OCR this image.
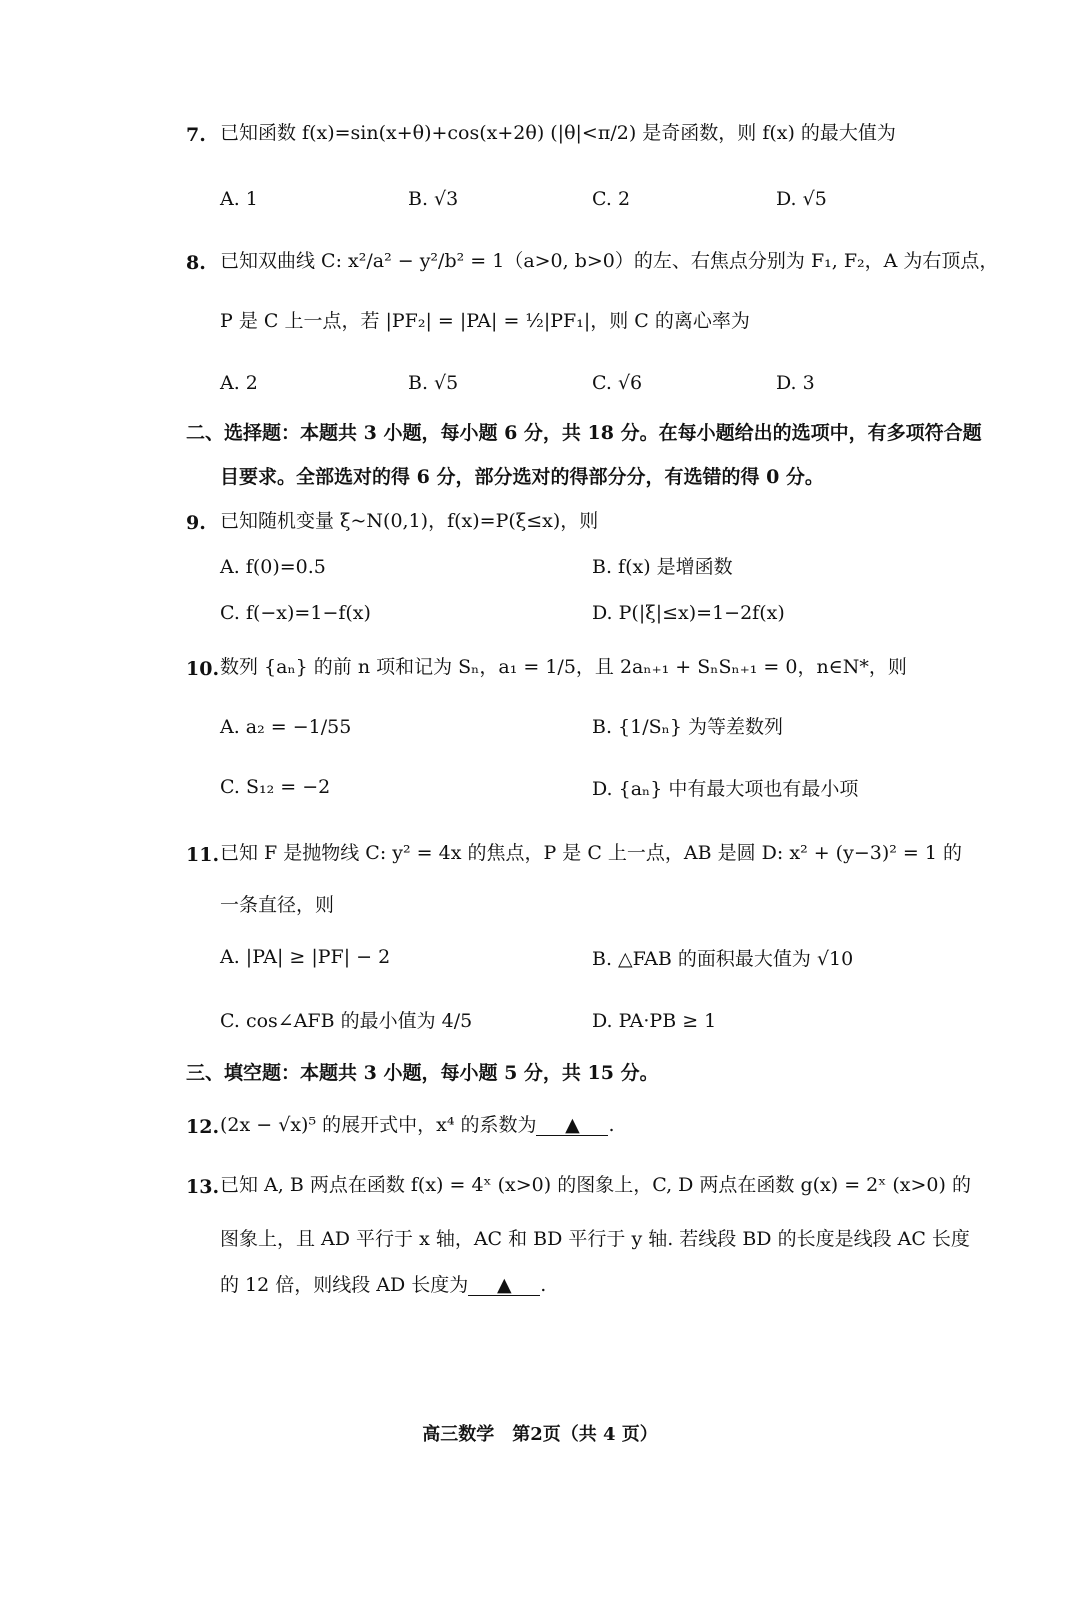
7. 已知函数 f(x)=sin(x+θ)+cos(x+2θ) (|θ|<π/2) 是奇函数，则 f(x) 的最大值为
A. 1	B. √3	C. 2	D. √5
8. 已知双曲线 C: x²/a² − y²/b² = 1（a>0, b>0）的左、右焦点分别为 F₁, F₂，A 为右顶点，
P 是 C 上一点，若 |PF₂| = |PA| = ½|PF₁|，则 C 的离心率为
A. 2	B. √5	C. √6	D. 3
二、选择题：本题共 3 小题，每小题 6 分，共 18 分。在每小题给出的选项中，有多项符合题
目要求。全部选对的得 6 分，部分选对的得部分分，有选错的得 0 分。
9. 已知随机变量 ξ~N(0,1)，f(x)=P(ξ≤x)，则
A. f(0)=0.5	B. f(x) 是增函数
C. f(−x)=1−f(x)	D. P(|ξ|≤x)=1−2f(x)
10. 数列 {aₙ} 的前 n 项和记为 Sₙ，a₁ = 1/5，且 2aₙ₊₁ + SₙSₙ₊₁ = 0，n∈N*，则
A. a₂ = −1/55	B. {1/Sₙ} 为等差数列
C. S₁₂ = −2	D. {aₙ} 中有最大项也有最小项
11. 已知 F 是抛物线 C: y² = 4x 的焦点，P 是 C 上一点，AB 是圆 D: x² + (y−3)² = 1 的
一条直径，则
A. |PA| ≥ |PF| − 2	B. △FAB 的面积最大值为 √10
C. cos∠AFB 的最小值为 4/5	D. PA·PB ≥ 1
三、填空题：本题共 3 小题，每小题 5 分，共 15 分。
12. (2x − √x)⁵ 的展开式中，x⁴ 的系数为 ▲ .
13. 已知 A, B 两点在函数 f(x) = 4ˣ (x>0) 的图象上，C, D 两点在函数 g(x) = 2ˣ (x>0) 的
图象上，且 AD 平行于 x 轴，AC 和 BD 平行于 y 轴. 若线段 BD 的长度是线段 AC 长度
的 12 倍，则线段 AD 长度为 ▲ .
高三数学　第2页（共 4 页）
